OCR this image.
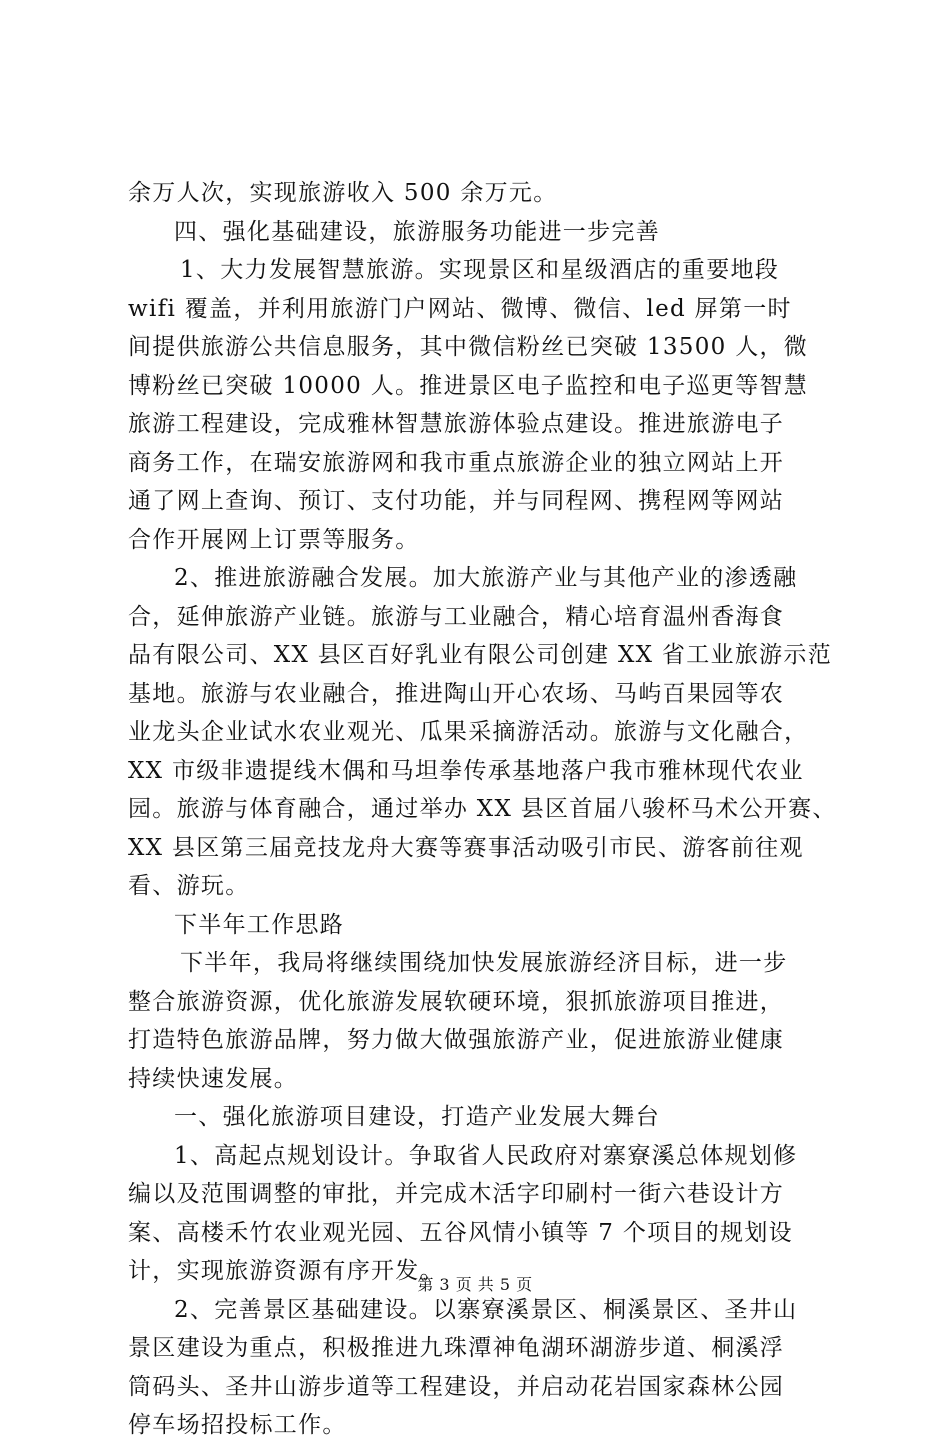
余万人次，实现旅游收入 500 余万元。
四、强化基础建设，旅游服务功能进一步完善
1、大力发展智慧旅游。实现景区和星级酒店的重要地段
wifi 覆盖，并利用旅游门户网站、微博、微信、led 屏第一时
间提供旅游公共信息服务，其中微信粉丝已突破 13500 人，微
博粉丝已突破 10000 人。推进景区电子监控和电子巡更等智慧
旅游工程建设，完成雅林智慧旅游体验点建设。推进旅游电子
商务工作，在瑞安旅游网和我市重点旅游企业的独立网站上开
通了网上查询、预订、支付功能，并与同程网、携程网等网站
合作开展网上订票等服务。
2、推进旅游融合发展。加大旅游产业与其他产业的渗透融
合，延伸旅游产业链。旅游与工业融合，精心培育温州香海食
品有限公司、XX 县区百好乳业有限公司创建 XX 省工业旅游示范
基地。旅游与农业融合，推进陶山开心农场、马屿百果园等农
业龙头企业试水农业观光、瓜果采摘游活动。旅游与文化融合，
XX 市级非遗提线木偶和马坦拳传承基地落户我市雅林现代农业
园。旅游与体育融合，通过举办 XX 县区首届八骏杯马术公开赛、
XX 县区第三届竞技龙舟大赛等赛事活动吸引市民、游客前往观
看、游玩。
下半年工作思路
下半年，我局将继续围绕加快发展旅游经济目标，进一步
整合旅游资源，优化旅游发展软硬环境，狠抓旅游项目推进，
打造特色旅游品牌，努力做大做强旅游产业，促进旅游业健康
持续快速发展。
一、强化旅游项目建设，打造产业发展大舞台
1、高起点规划设计。争取省人民政府对寨寮溪总体规划修
编以及范围调整的审批，并完成木活字印刷村一街六巷设计方
案、高楼禾竹农业观光园、五谷风情小镇等 7 个项目的规划设
计，实现旅游资源有序开发。
2、完善景区基础建设。以寨寮溪景区、桐溪景区、圣井山
景区建设为重点，积极推进九珠潭神龟湖环湖游步道、桐溪浮
筒码头、圣井山游步道等工程建设，并启动花岩国家森林公园
停车场招投标工作。
第 3 页 共 5 页
